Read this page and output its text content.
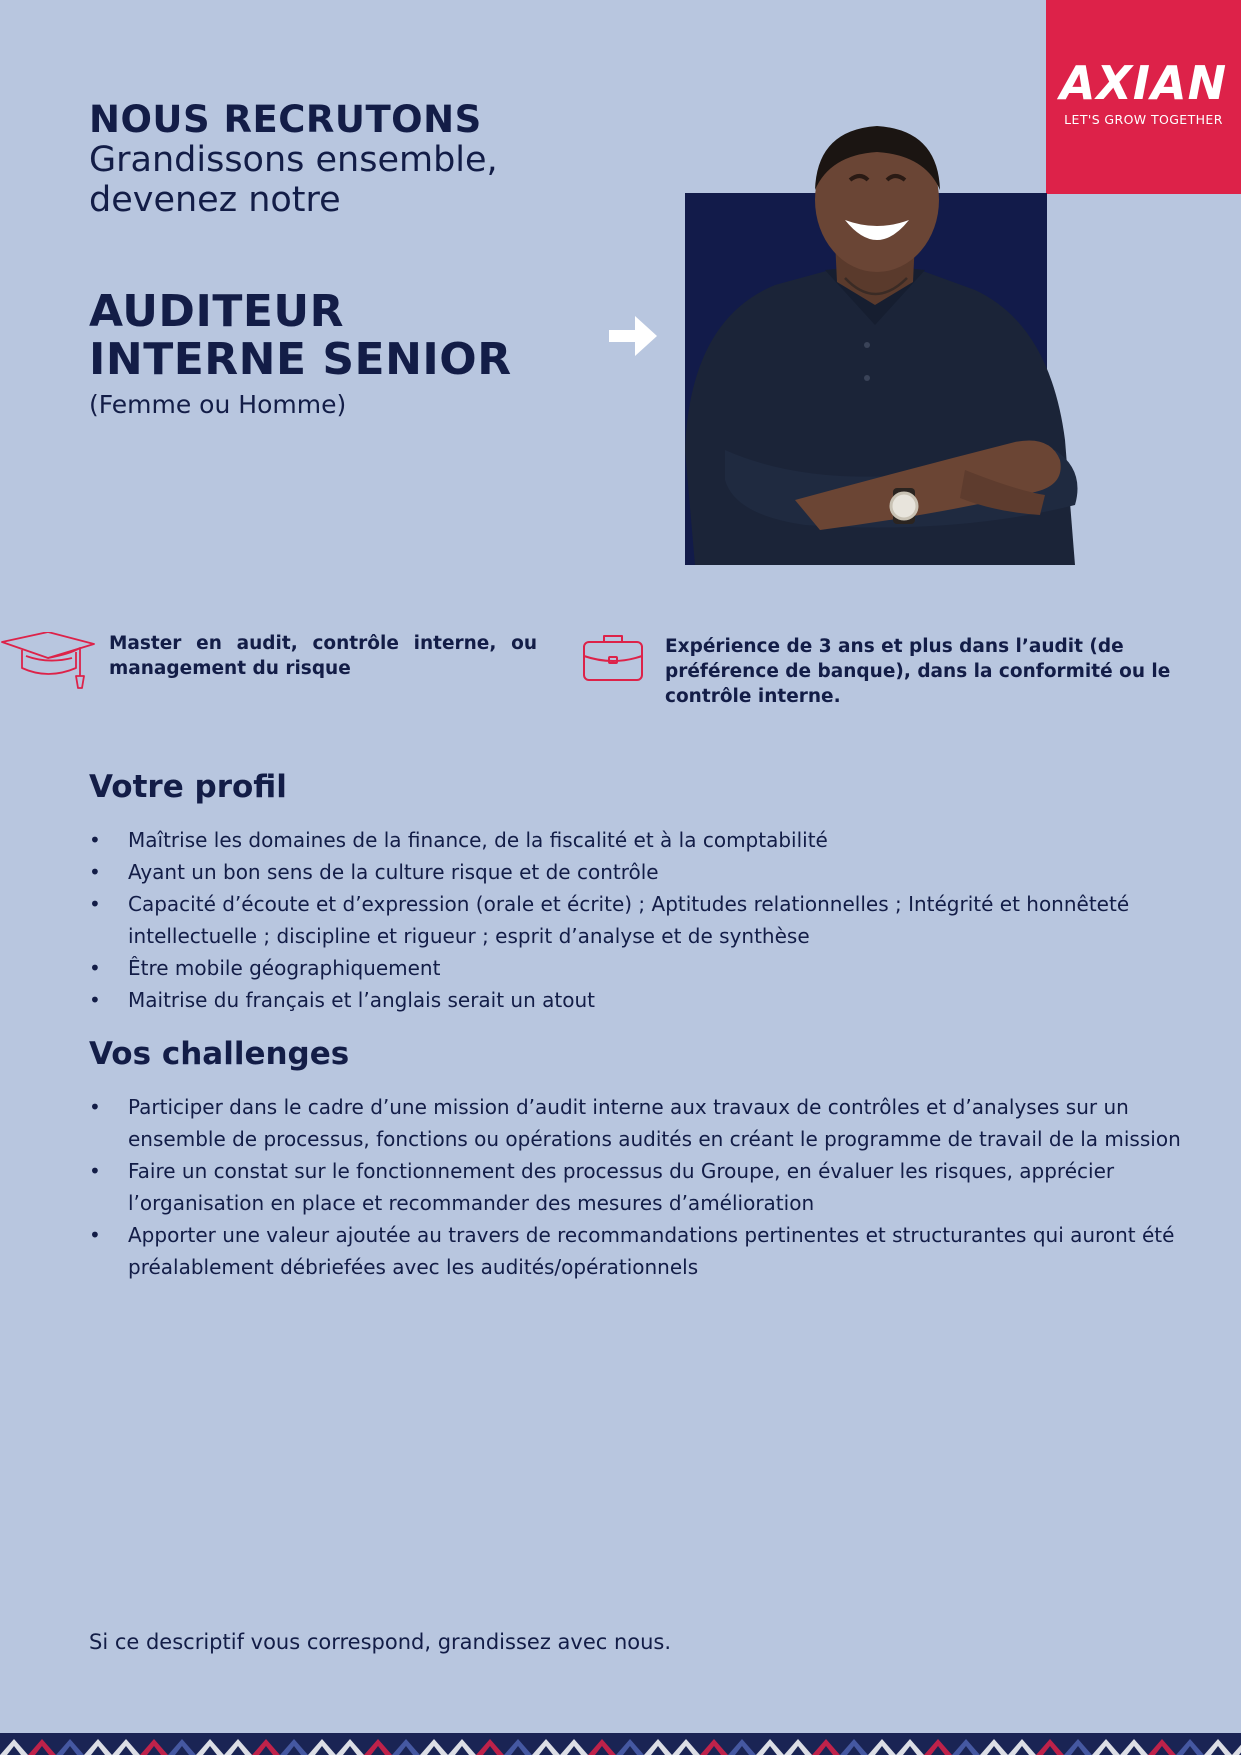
AXIAN
LET'S GROW TOGETHER
NOUS RECRUTONS
Grandissons ensemble,
devenez notre
AUDITEUR
INTERNE SENIOR
(Femme ou Homme)
Master en audit, contrôle interne, ou management du risque
Expérience de 3 ans et plus dans l’audit (de préférence de banque), dans la conformité ou le contrôle interne.
Votre profil
• Maîtrise les domaines de la finance, de la fiscalité et à la comptabilité
• Ayant un bon sens de la culture risque et de contrôle
• Capacité d’écoute et d’expression (orale et écrite) ; Aptitudes relationnelles ; Intégrité et honnêteté intellectuelle ; discipline et rigueur ; esprit d’analyse et de synthèse
• Être mobile géographiquement
• Maitrise du français et l’anglais serait un atout
Vos challenges
• Participer dans le cadre d’une mission d’audit interne aux travaux de contrôles et d’analyses sur un ensemble de processus, fonctions ou opérations audités en créant le programme de travail de la mission
• Faire un constat sur le fonctionnement des processus du Groupe, en évaluer les risques, apprécier l’organisation en place et recommander des mesures d’amélioration
• Apporter une valeur ajoutée au travers de recommandations pertinentes et structurantes qui auront été préalablement débriefées avec les audités/opérationnels
Si ce descriptif vous correspond, grandissez avec nous.
